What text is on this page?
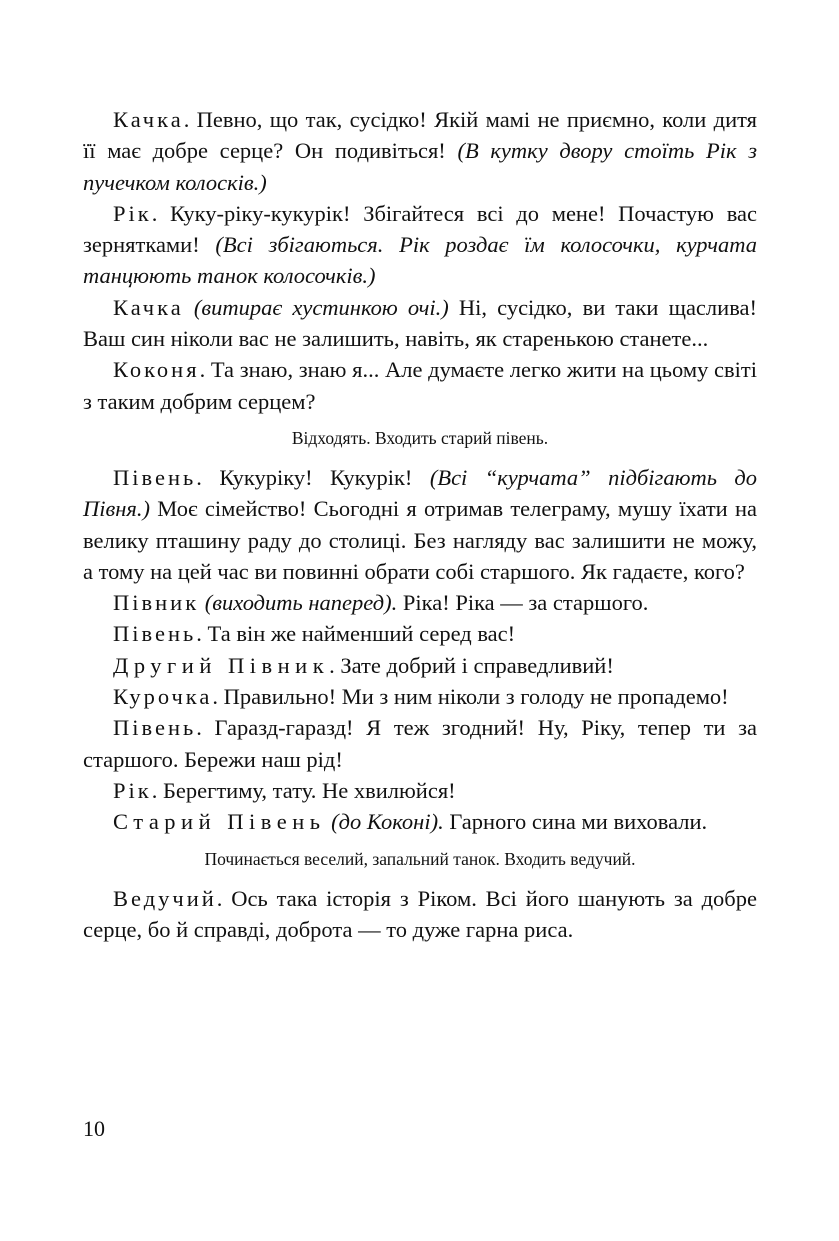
Качка. Певно, що так, сусідко! Якій мамі не приємно, коли дитя її має добре серце? Он подивіться! (В кутку двору стоїть Рік з пучечком колосків.)

Рік. Куку-ріку-кукурік! Збігайтеся всі до мене! Почастую вас зернятками! (Всі збігаються. Рік роздає їм колосочки, курчата танцюють танок колосочків.)

Качка (витирає хустинкою очі.) Ні, сусідко, ви таки щаслива! Ваш син ніколи вас не залишить, навіть, як старенькою станете...

Коконя. Та знаю, знаю я... Але думаєте легко жити на цьому світі з таким добрим серцем?

Відходять. Входить старий півень.

Півень. Кукуріку! Кукурік! (Всі “курчата” підбігають до Півня.) Моє сімейство! Сьогодні я отримав телеграму, мушу їхати на велику пташину раду до столиці. Без нагляду вас залишити не можу, а тому на цей час ви повинні обрати собі старшого. Як гадаєте, кого?

Півник (виходить наперед). Ріка! Ріка — за старшого.

Півень. Та він же найменший серед вас!

Другий Півник. Зате добрий і справедливий!

Курочка. Правильно! Ми з ним ніколи з голоду не пропадемо!

Півень. Гаразд-гаразд! Я теж згодний! Ну, Ріку, тепер ти за старшого. Бережи наш рід!

Рік. Берегтиму, тату. Не хвилюйся!

Старий Півень (до Коконі). Гарного сина ми виховали.

Починається веселий, запальний танок. Входить ведучий.

Ведучий. Ось така історія з Ріком. Всі його шанують за добре серце, бо й справді, доброта — то дуже гарна риса.

10
